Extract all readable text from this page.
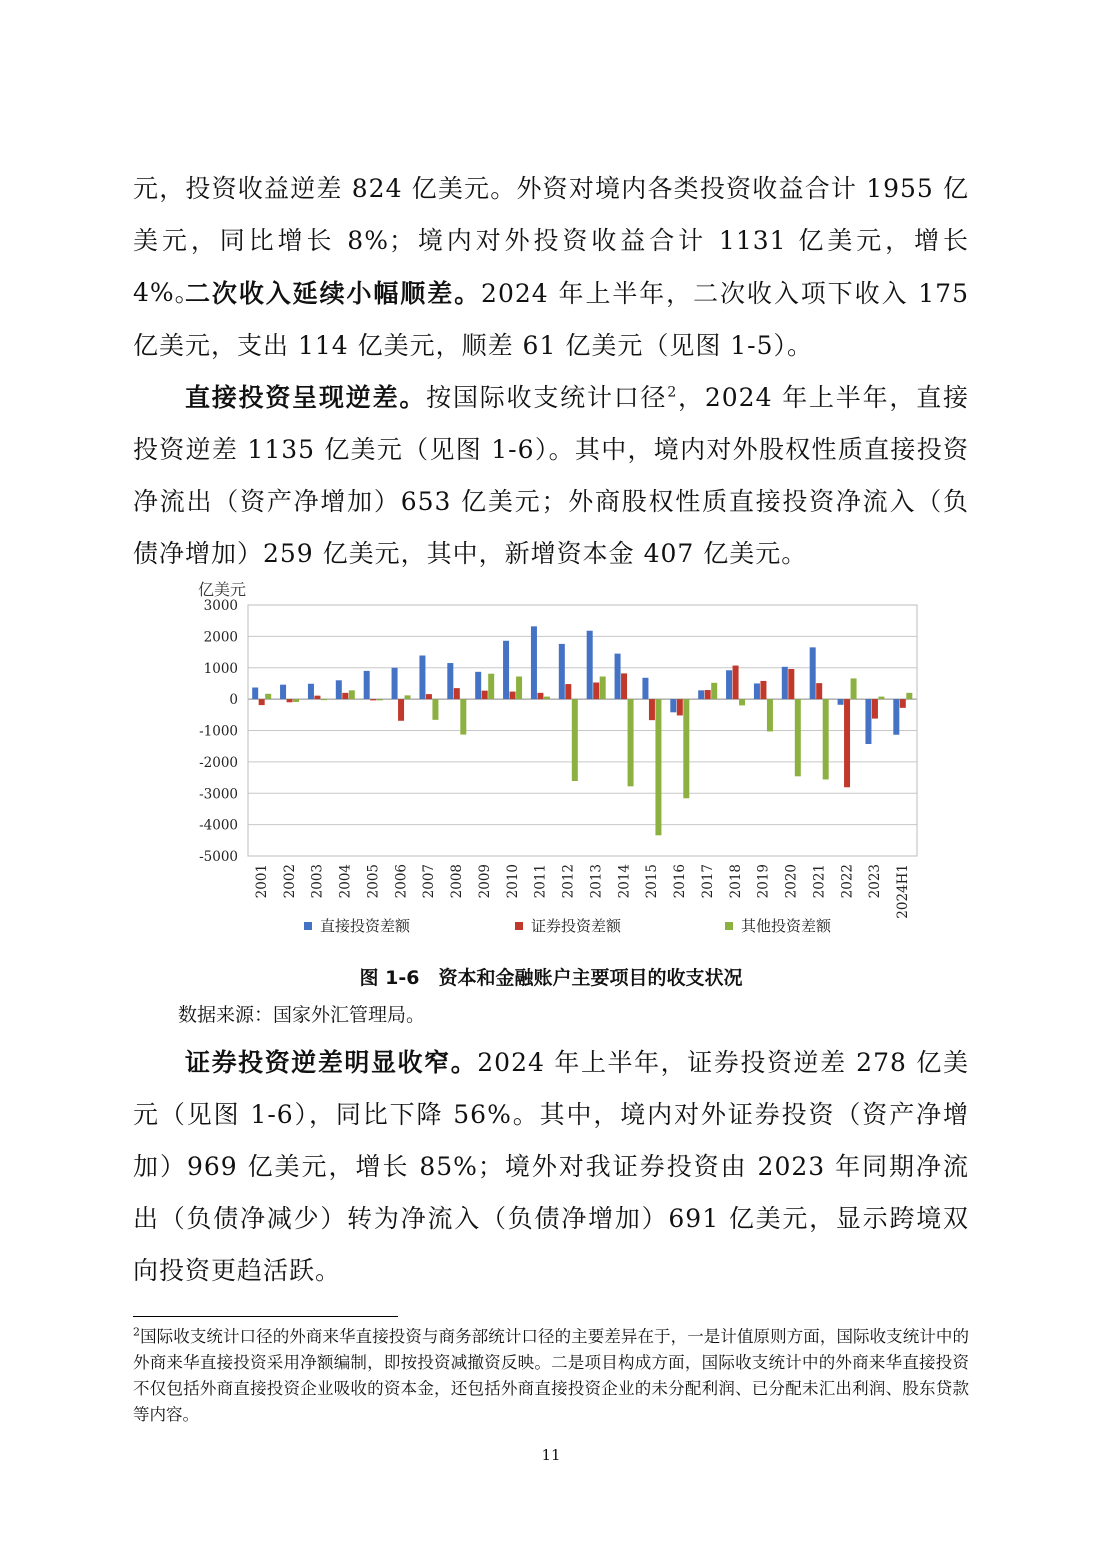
元，投资收益逆差 824 亿美元。外资对境内各类投资收益合计 1955 亿美元，同比增长 8%；境内对外投资收益合计 1131 亿美元，增长 4%。

二次收入延续小幅顺差。2024 年上半年，二次收入项下收入 175 亿美元，支出 114 亿美元，顺差 61 亿美元（见图 1-5）。

直接投资呈现逆差。按国际收支统计口径$^2$，2024 年上半年，直接投资逆差 1135 亿美元（见图 1-6）。其中，境内对外股权性质直接投资净流出（资产净增加）653 亿美元；外商股权性质直接投资净流入（负债净增加）259 亿美元，其中，新增资本金 407 亿美元。

亿美元
3000
2000
1000
0
-1000
-2000
-3000
-4000
-5000
2001 2002 2003 2004 2005 2006 2007 2008 2009 2010 2011 2012 2013 2014 2015 2016 2017 2018 2019 2020 2021 2022 2023 2024H1
直接投资差额	证券投资差额	其他投资差额
图 1-6　资本和金融账户主要项目的收支状况
数据来源：国家外汇管理局。

证券投资逆差明显收窄。2024 年上半年，证券投资逆差 278 亿美元（见图 1-6），同比下降 56%。其中，境内对外证券投资（资产净增加）969 亿美元，增长 85%；境外对我证券投资由 2023 年同期净流出（负债净减少）转为净流入（负债净增加）691 亿美元，显示跨境双向投资更趋活跃。

$^2$国际收支统计口径的外商来华直接投资与商务部统计口径的主要差异在于，一是计值原则方面，国际收支统计中的外商来华直接投资采用净额编制，即按投资减撤资反映。二是项目构成方面，国际收支统计中的外商来华直接投资不仅包括外商直接投资企业吸收的资本金，还包括外商直接投资企业的未分配利润、已分配未汇出利润、股东贷款等内容。

11
